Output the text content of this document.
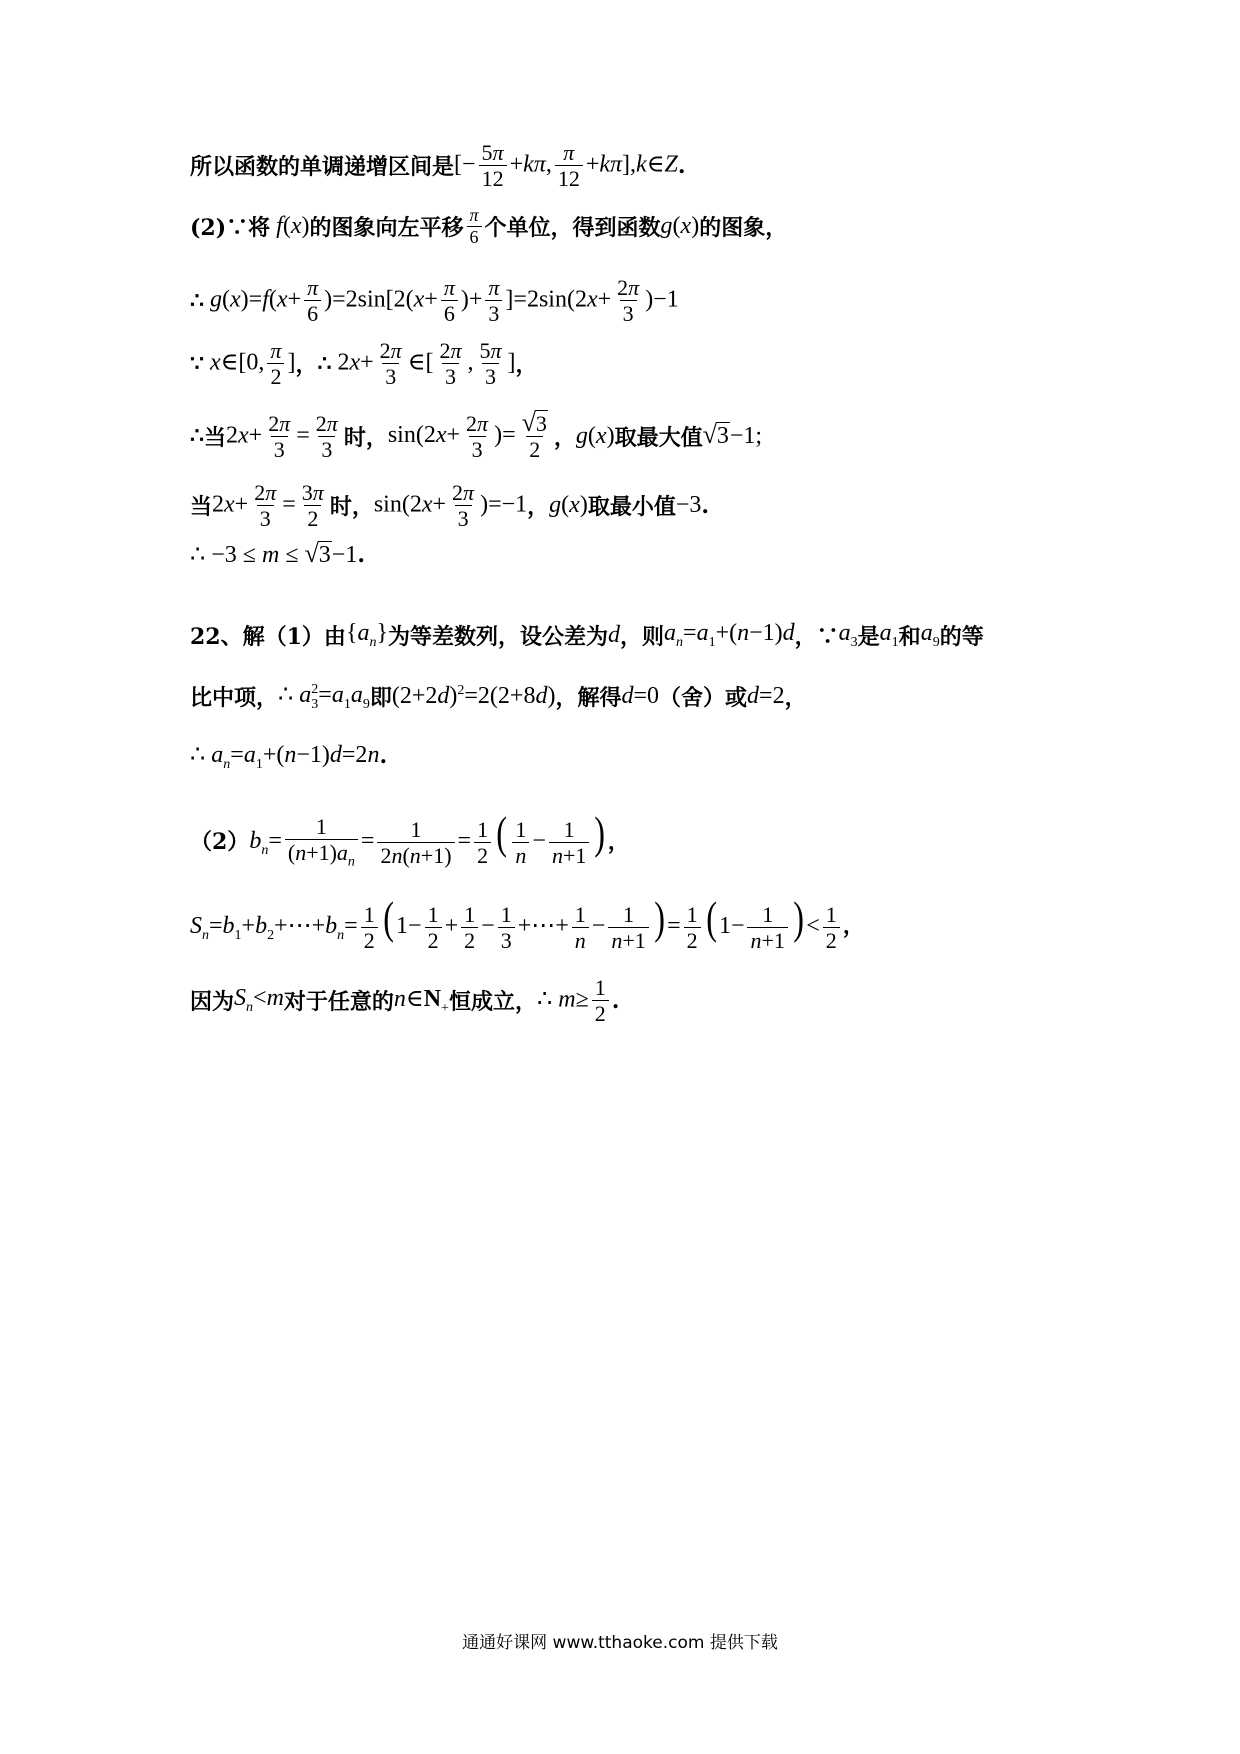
所以函数的单调递增区间是 [− $\frac{5\pi}{12} +k\pi$, $\frac{\pi}{12}$ +kπ],k∈Z .
(2)∵将 f(x) 的图象向左平移 $\frac{\pi}{6}$ 个单位，得到函数 g(x) 的图象，
∴ $g(x)=f(x+ \frac{\pi}{6} )=2\sin[2(x+ \frac{\pi}{6}$ )+ $\frac{\pi}{3} ]=2\sin(2x+ \frac{2\pi}{3} )-1$
∵ x∈[0, $\frac{\pi}{2}$ ] ， ∴ $2x+ \frac{2\pi}{3}$ ∈[ $\frac{2\pi}{3}$ , $\frac{5\pi}{3}$ ] ，
∴ 当 $2x+ \frac{2\pi}{3} = \frac{2\pi}{3}$ 时， $\sin(2x+ \frac{2\pi}{3}$ )= $\frac{√ 3}{2}$ ， g(x) 取最大值 √ 3 −1;
当 $2x+ \frac{2\pi}{3} = \frac{3\pi}{2}$ 时， $\sin(2x+ \frac{2\pi}{3} )=-1$ ， g(x) 取最小值 −3 .
∴ −3 ≤ m ≤ √ 3 −1 .
22、解（1）由 $\{a_n\}$ 为等差数列，设公差为 d ，则 $a_n=a_1+(n-1)d$ ，∵ $a_3$ 是 $a_1$ 和 $a_9$ 的等
比中项， ∴ $a_3^2=a_1a_9$ 即 $(2+2d)^2=2(2+8d)$ ，解得 d=0 （舍）或 d=2 ，
∴ $a_n=a_1+(n-1)d=2n$ .
（2） $b_n= \frac{1}{(n+1)a_n} = \frac{1}{2n(n+1)} = \frac{1}{2}$ ( $\frac{1}{n} - \frac{1}{n+1}$ ) ，
$S_n=b_1+b_2+\cdots+b_n= \frac{1}{2} (1- \frac{1}{2} + \frac{1}{2} - \frac{1}{3}$ +⋯+ $\frac{1}{n} - \frac{1}{n+1}$ )= $\frac{1}{2} (1- \frac{1}{n+1}$ )< $\frac{1}{2}$ ，
因为 $S_n<m$ 对于任意的 $n\in N_+$ 恒成立， ∴ $m\ge \frac{1}{2}$ .
通通好课网 www.tthaoke.com 提供下载
